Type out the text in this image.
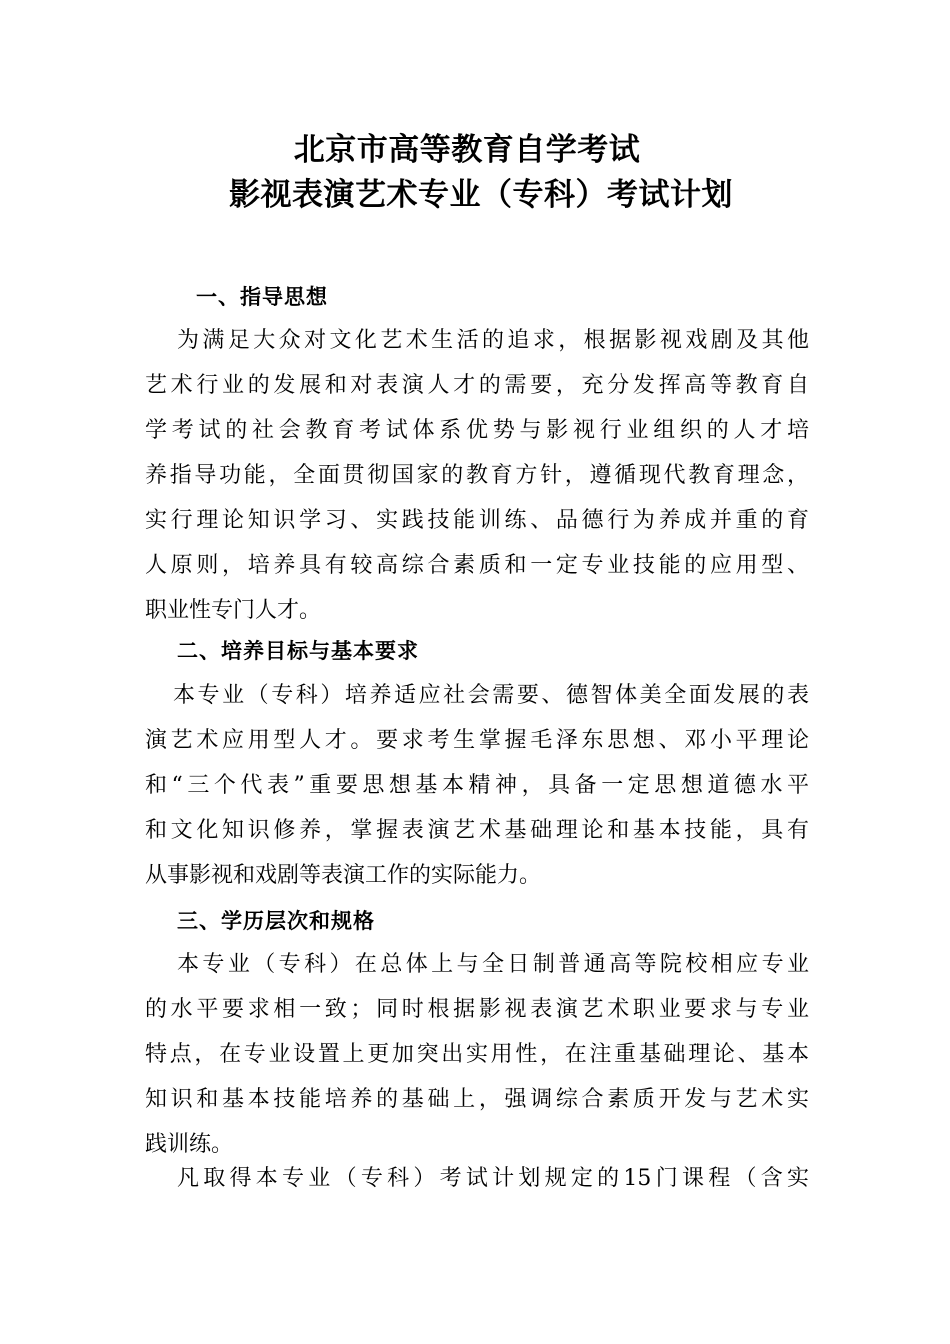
北京市高等教育自学考试
影视表演艺术专业（专科）考试计划
一、指导思想
为满足大众对文化艺术生活的追求，根据影视戏剧及其他
艺术行业的发展和对表演人才的需要，充分发挥高等教育自
学考试的社会教育考试体系优势与影视行业组织的人才培
养指导功能，全面贯彻国家的教育方针，遵循现代教育理念，
实行理论知识学习、实践技能训练、品德行为养成并重的育
人原则，培养具有较高综合素质和一定专业技能的应用型、
职业性专门人才。
二、培养目标与基本要求
本专业（专科）培养适应社会需要、德智体美全面发展的表
演艺术应用型人才。要求考生掌握毛泽东思想、邓小平理论
和“三个代表”重要思想基本精神，具备一定思想道德水平
和文化知识修养，掌握表演艺术基础理论和基本技能，具有
从事影视和戏剧等表演工作的实际能力。
三、学历层次和规格
本专业（专科）在总体上与全日制普通高等院校相应专业
的水平要求相一致；同时根据影视表演艺术职业要求与专业
特点，在专业设置上更加突出实用性，在注重基础理论、基本
知识和基本技能培养的基础上，强调综合素质开发与艺术实
践训练。
凡取得本专业（专科）考试计划规定的15门课程（含实
